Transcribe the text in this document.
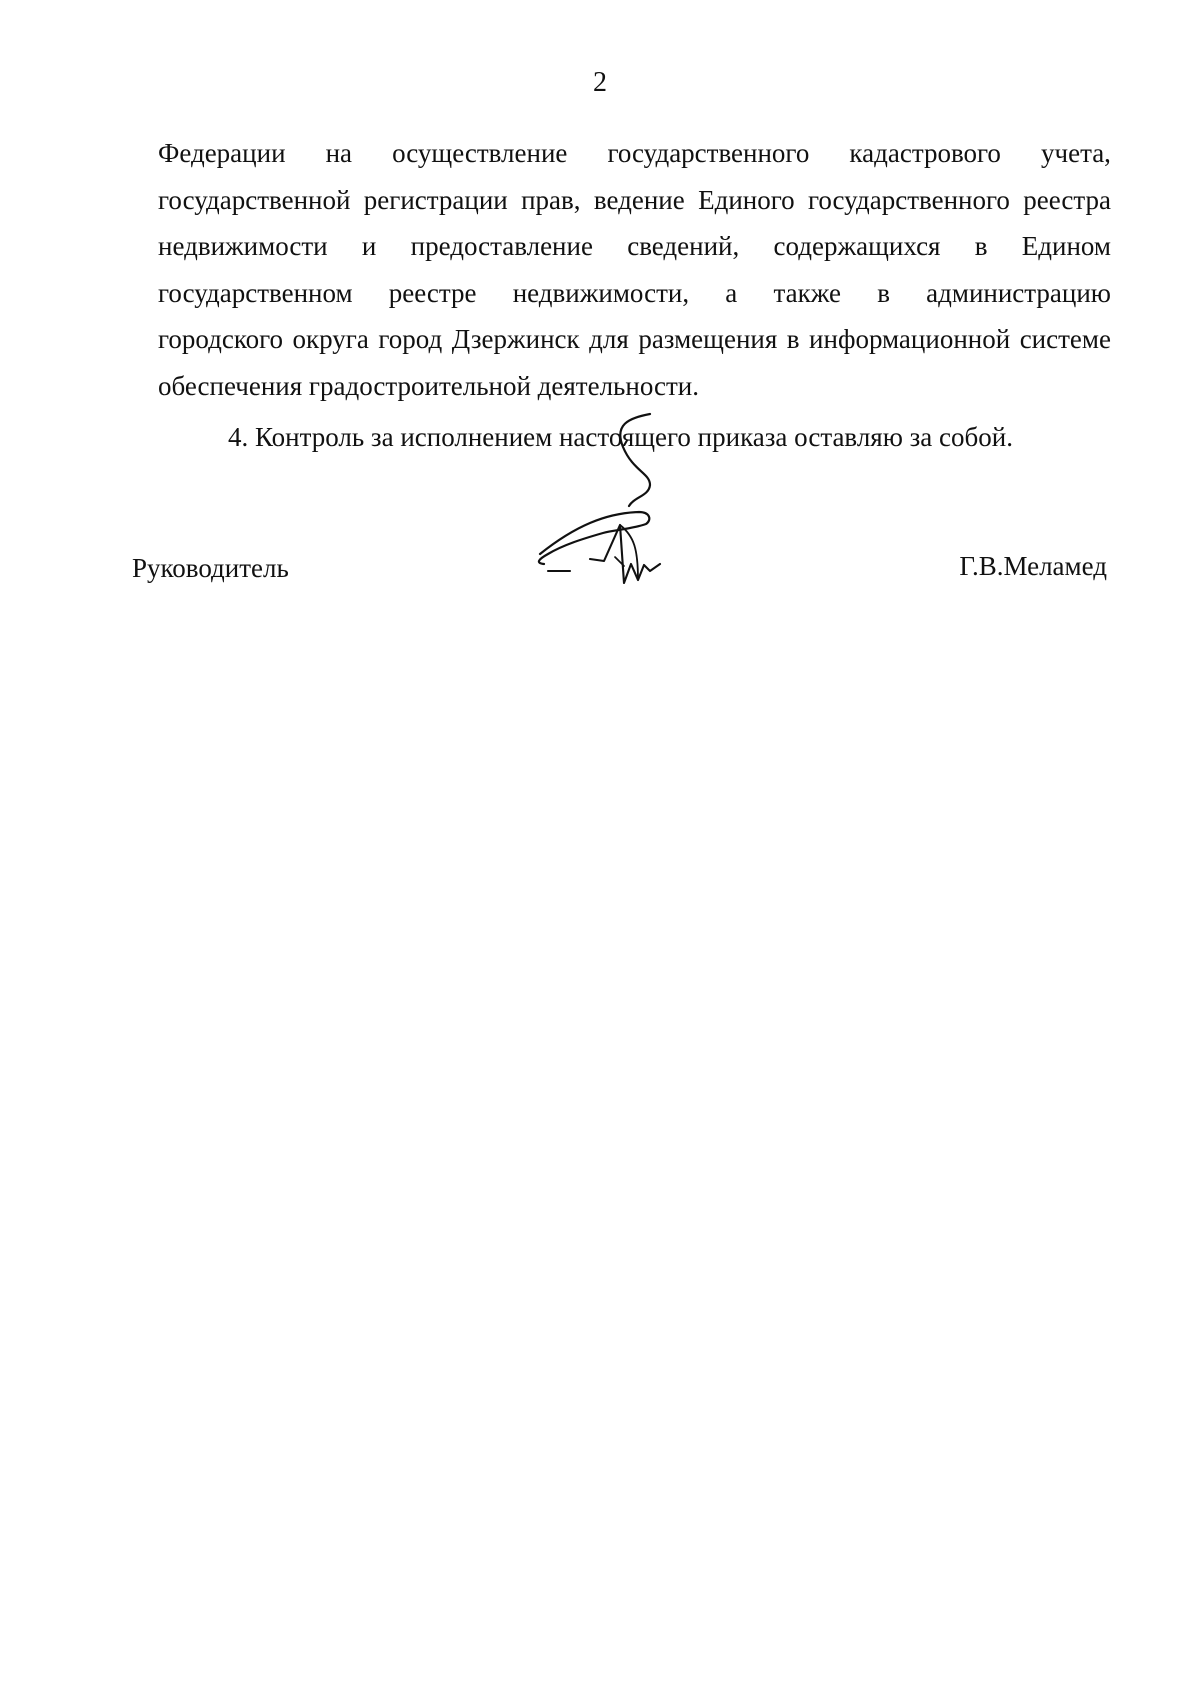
2
Федерации на осуществление государственного кадастрового учета,
государственной регистрации прав, ведение Единого государственного реестра
недвижимости и предоставление сведений, содержащихся в Едином
государственном реестре недвижимости, а также в администрацию
городского округа город Дзержинск для размещения в информационной системе
обеспечения градостроительной деятельности.
4. Контроль за исполнением настоящего приказа оставляю за собой.
Руководитель	Г.В.Меламед
